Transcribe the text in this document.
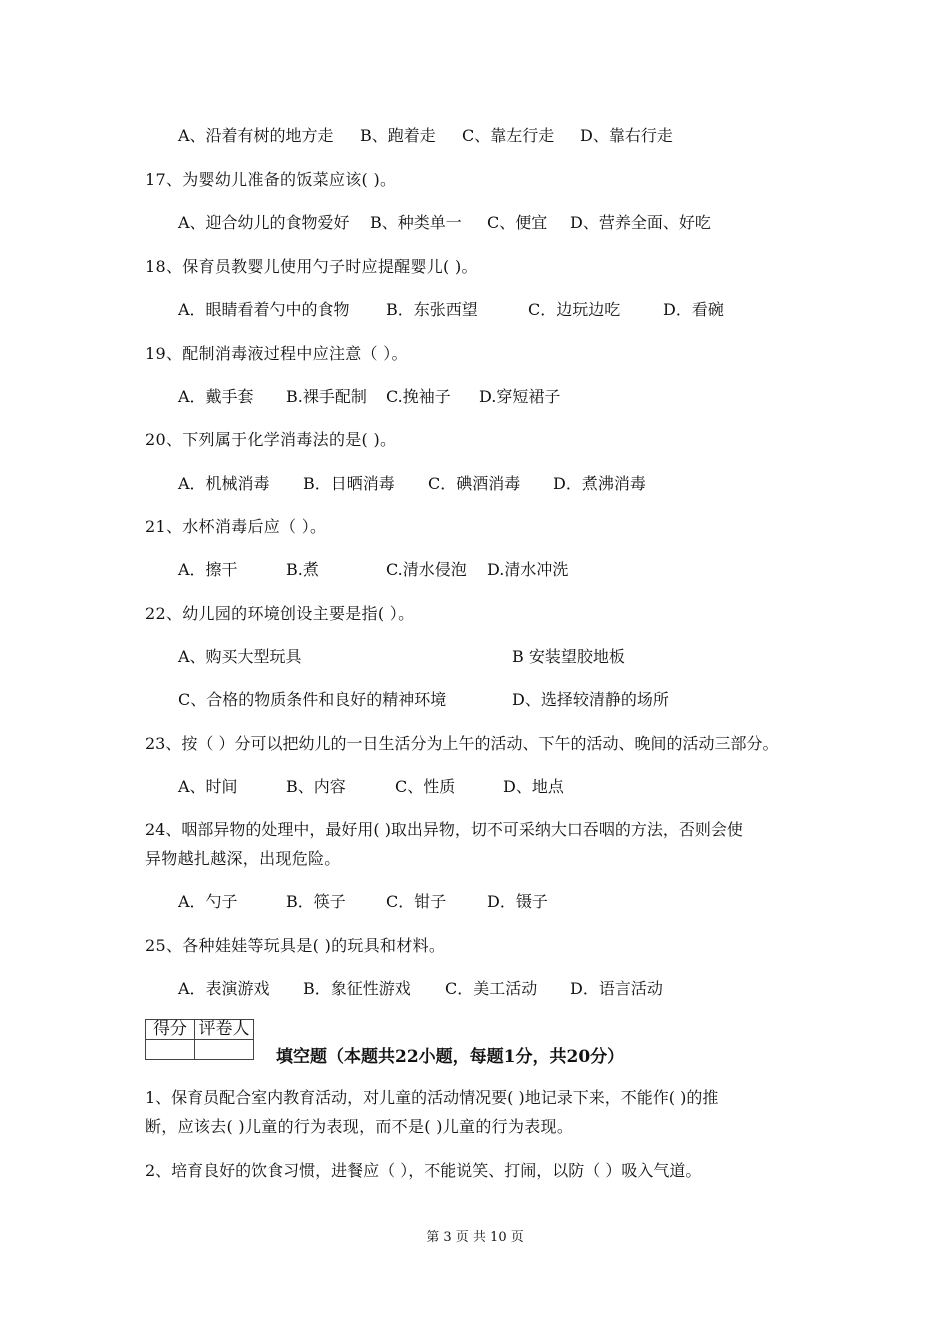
A、沿着有树的地方走 B、跑着走 C、靠左行走 D、靠右行走
17、为婴幼儿准备的饭菜应该( )。
A、迎合幼儿的食物爱好 B、种类单一 C、便宜 D、营养全面、好吃
18、保育员教婴儿使用勺子时应提醒婴儿( )。
A．眼睛看着勺中的食物 B．东张西望	C．边玩边吃	D．看碗
19、配制消毒液过程中应注意（ ）。
A．戴手套 B.裸手配制 C.挽袖子 D.穿短裙子
20、下列属于化学消毒法的是( )。
A．机械消毒 B．日晒消毒 C．碘酒消毒 D．煮沸消毒
21、水杯消毒后应（ ）。
A．擦干	B.煮	C.清水侵泡 D.清水冲洗
22、幼儿园的环境创设主要是指( ）。
A、购买大型玩具	B 安装望胶地板
C、合格的物质条件和良好的精神环境	D、选择较清静的场所
23、按（ ）分可以把幼儿的一日生活分为上午的活动、下午的活动、晚间的活动三部分。
A、时间	B、内容	C、性质	D、地点
24、咽部异物的处理中，最好用( )取出异物，切不可采纳大口吞咽的方法，否则会使
异物越扎越深，出现危险。
A．勺子	B．筷子	C．钳子	D．镊子
25、各种娃娃等玩具是( )的玩具和材料。
A．表演游戏 B．象征性游戏 C．美工活动 D．语言活动
得分	评卷人

填空题（本题共22小题，每题1分，共20分）
1、保育员配合室内教育活动，对儿童的活动情况要( )地记录下来，不能作( )的推
断，应该去( )儿童的行为表现，而不是( )儿童的行为表现。
2、培育良好的饮食习惯，进餐应（ ），不能说笑、打闹，以防（ ）吸入气道。
第 3 页 共 10 页
